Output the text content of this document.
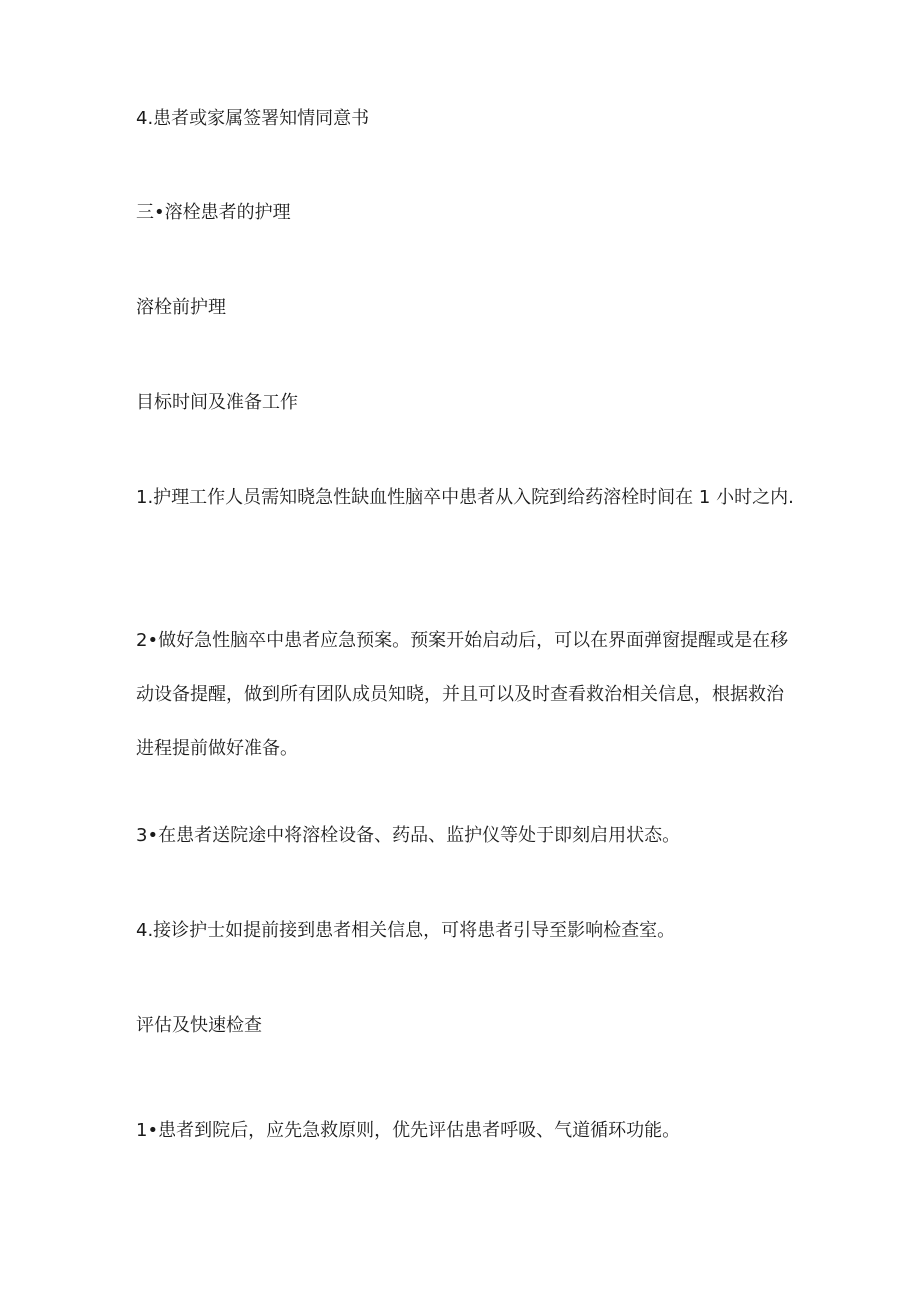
4.患者或家属签署知情同意书
三•溶栓患者的护理
溶栓前护理
目标时间及准备工作
1.护理工作人员需知晓急性缺血性脑卒中患者从入院到给药溶栓时间在 1 小时之内.
2•做好急性脑卒中患者应急预案。预案开始启动后，可以在界面弹窗提醒或是在移动设备提醒，做到所有团队成员知晓，并且可以及时查看救治相关信息，根据救治进程提前做好准备。
3•在患者送院途中将溶栓设备、药品、监护仪等处于即刻启用状态。
4.接诊护士如提前接到患者相关信息，可将患者引导至影响检查室。
评估及快速检查
1•患者到院后，应先急救原则，优先评估患者呼吸、气道循环功能。
